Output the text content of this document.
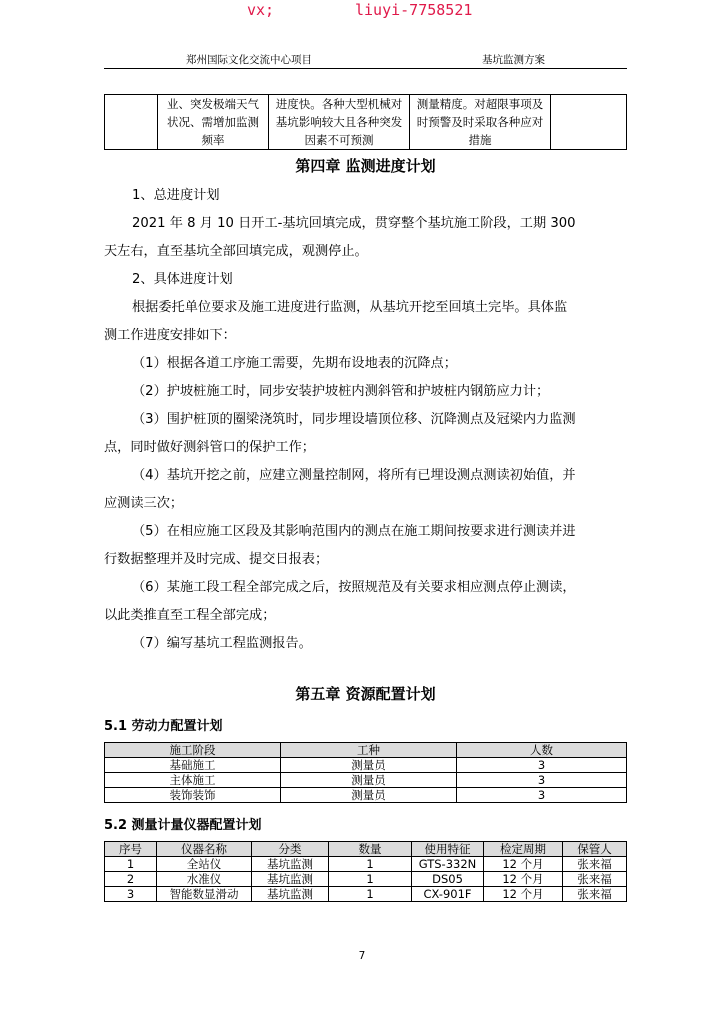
vx;	liuyi-7758521
郑州国际文化交流中心项目	基坑监测方案
	业、突发极端天气状况、需增加监测频率	进度快。各种大型机械对基坑影响较大且各种突发因素不可预测	测量精度。对超限事项及时预警及时采取各种应对措施	
第四章 监测进度计划
1、总进度计划
2021 年 8 月 10 日开工-基坑回填完成，贯穿整个基坑施工阶段，工期 300
天左右，直至基坑全部回填完成，观测停止。
2、具体进度计划
根据委托单位要求及施工进度进行监测，从基坑开挖至回填土完毕。具体监
测工作进度安排如下：
（1）根据各道工序施工需要，先期布设地表的沉降点；
（2）护坡桩施工时，同步安装护坡桩内测斜管和护坡桩内钢筋应力计；
（3）围护桩顶的圈梁浇筑时，同步埋设墙顶位移、沉降测点及冠梁内力监测
点，同时做好测斜管口的保护工作；
（4）基坑开挖之前，应建立测量控制网，将所有已埋设测点测读初始值，并
应测读三次；
（5）在相应施工区段及其影响范围内的测点在施工期间按要求进行测读并进
行数据整理并及时完成、提交日报表；
（6）某施工段工程全部完成之后，按照规范及有关要求相应测点停止测读，
以此类推直至工程全部完成；
（7）编写基坑工程监测报告。
第五章 资源配置计划
5.1 劳动力配置计划
施工阶段	工种	人数
基础施工	测量员	3
主体施工	测量员	3
装饰装饰	测量员	3
5.2 测量计量仪器配置计划
序号	仪器名称	分类	数量	使用特征	检定周期	保管人
1	全站仪	基坑监测	1	GTS-332N	12 个月	张来福
2	水准仪	基坑监测	1	DS05	12 个月	张来福
3	智能数显滑动	基坑监测	1	CX-901F	12 个月	张来福
7
